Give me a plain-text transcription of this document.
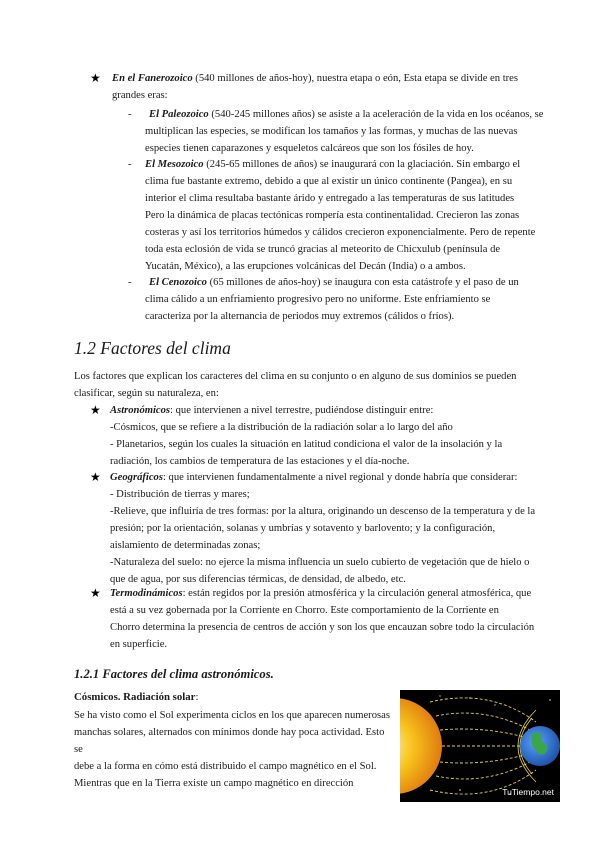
★ En el Fanerozoico (540 millones de años-hoy), nuestra etapa o eón, Esta etapa se divide en tres
grandes eras:
-	El Paleozoico (540-245 millones años) se asiste a la aceleración de la vida en los océanos, se
multiplican las especies, se modifican los tamaños y las formas, y muchas de las nuevas
especies tienen caparazones y esqueletos calcáreos que son los fósiles de hoy.
- El Mesozoico (245-65 millones de años) se inaugurará con la glaciación. Sin embargo el
clima fue bastante extremo, debido a que al existir un único continente (Pangea), en su
interior el clima resultaba bastante árido y entregado a las temperaturas de sus latitudes
Pero la dinámica de placas tectónicas rompería esta continentalidad. Crecieron las zonas
costeras y así los territorios húmedos y cálidos crecieron exponencialmente. Pero de repente
toda esta eclosión de vida se truncó gracias al meteorito de Chicxulub (península de
Yucatán, México), a las erupciones volcánicas del Decán (India) o a ambos.
-	El Cenozoico (65 millones de años-hoy) se inaugura con esta catástrofe y el paso de un
clima cálido a un enfriamiento progresivo pero no uniforme. Este enfriamiento se
caracteriza por la alternancia de periodos muy extremos (cálidos o fríos).
1.2 Factores del clima
Los factores que explican los caracteres del clima en su conjunto o en alguno de sus dominios se pueden
clasificar, según su naturaleza, en:
★ Astronómicos: que intervienen a nivel terrestre, pudiéndose distinguir entre:
-Cósmicos, que se refiere a la distribución de la radiación solar a lo largo del año
- Planetarios, según los cuales la situación en latitud condiciona el valor de la insolación y la
radiación, los cambios de temperatura de las estaciones y el día-noche.
★ Geográficos: que intervienen fundamentalmente a nivel regional y donde habría que considerar:
- Distribución de tierras y mares;
-Relieve, que influiría de tres formas: por la altura, originando un descenso de la temperatura y de la
presión; por la orientación, solanas y umbrías y sotavento y barlovento; y la configuración,
aislamiento de determinadas zonas;
-Naturaleza del suelo: no ejerce la misma influencia un suelo cubierto de vegetación que de hielo o
que de agua, por sus diferencias térmicas, de densidad, de albedo, etc.
★ Termodinámicos: están regidos por la presión atmosférica y la circulación general atmosférica, que
está a su vez gobernada por la Corriente en Chorro. Este comportamiento de la Corriente en
Chorro determina la presencia de centros de acción y son los que encauzan sobre todo la circulación
en superficie.
1.2.1 Factores del clima astronómicos.
Cósmicos. Radiación solar:
Se ha visto como el Sol experimenta ciclos en los que aparecen numerosas
manchas solares, alternados con mínimos donde hay poca actividad. Esto se
debe a la forma en cómo está distribuido el campo magnético en el Sol.
Mientras que en la Tierra existe un campo magnético en dirección
TuTiempo.net
